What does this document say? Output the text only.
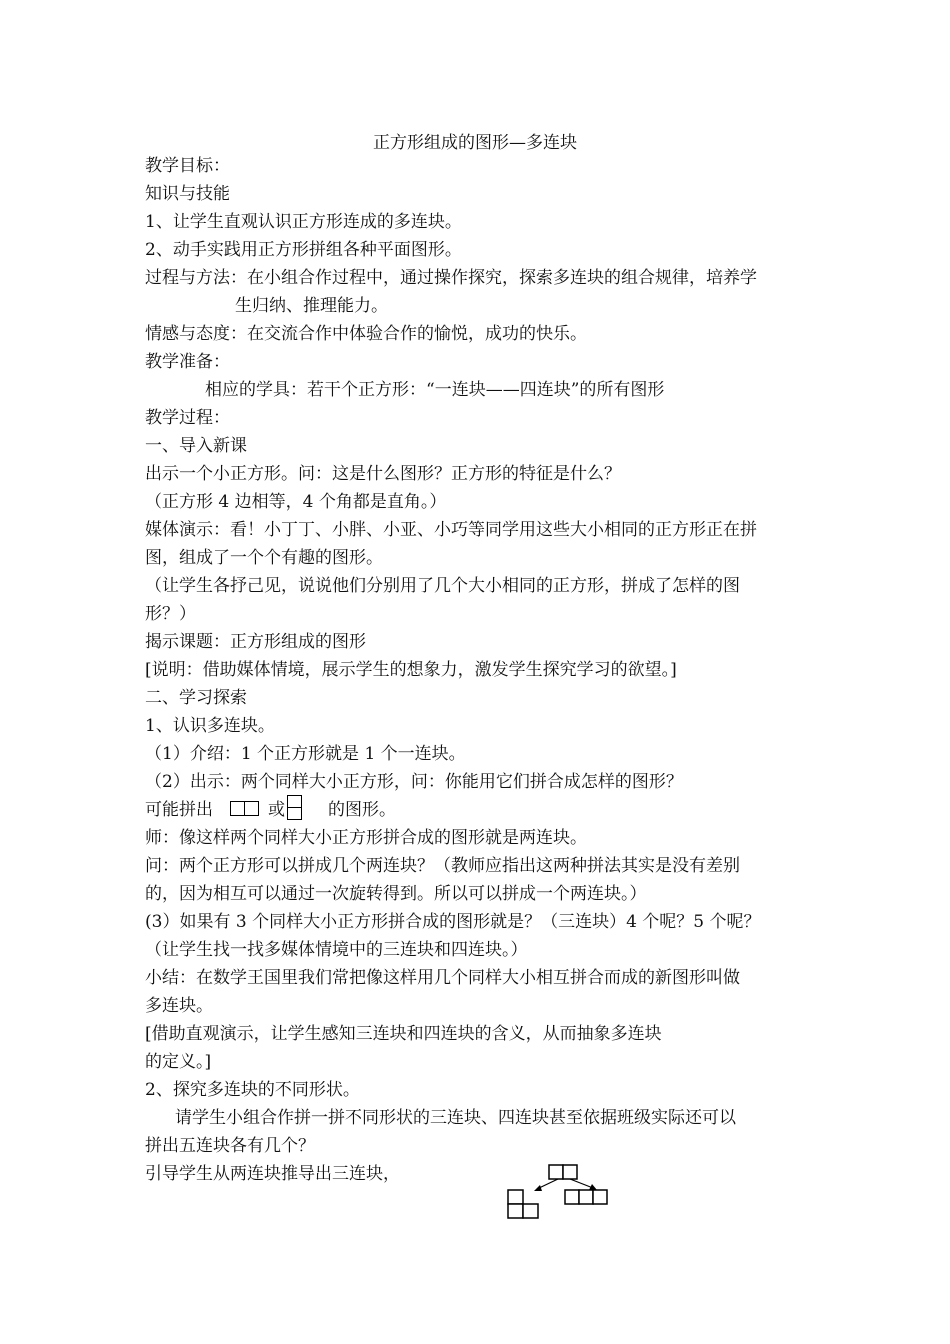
正方形组成的图形—多连块
教学目标：
知识与技能
1、让学生直观认识正方形连成的多连块。
2、动手实践用正方形拼组各种平面图形。
过程与方法：在小组合作过程中，通过操作探究，探索多连块的组合规律，培养学
生归纳、推理能力。
情感与态度：在交流合作中体验合作的愉悦，成功的快乐。
教学准备：
相应的学具：若干个正方形：“一连块——四连块”的所有图形
教学过程：
一、导入新课
出示一个小正方形。问：这是什么图形？正方形的特征是什么？
（正方形 4 边相等，4 个角都是直角。）
媒体演示：看！小丁丁、小胖、小亚、小巧等同学用这些大小相同的正方形正在拼
图，组成了一个个有趣的图形。
（让学生各抒己见，说说他们分别用了几个大小相同的正方形，拼成了怎样的图
形？）
揭示课题：正方形组成的图形
[说明：借助媒体情境，展示学生的想象力，激发学生探究学习的欲望。]
二、学习探索
1、认识多连块。
（1）介绍：1 个正方形就是 1 个一连块。
（2）出示：两个同样大小正方形，问：你能用它们拼合成怎样的图形？
可能拼出	或	的图形。
师：像这样两个同样大小正方形拼合成的图形就是两连块。
问：两个正方形可以拼成几个两连块？（教师应指出这两种拼法其实是没有差别
的，因为相互可以通过一次旋转得到。所以可以拼成一个两连块。）
(3）如果有 3 个同样大小正方形拼合成的图形就是？（三连块）4 个呢？5 个呢？
（让学生找一找多媒体情境中的三连块和四连块。）
小结：在数学王国里我们常把像这样用几个同样大小相互拼合而成的新图形叫做
多连块。
[借助直观演示，让学生感知三连块和四连块的含义，从而抽象多连块
的定义。]
2、探究多连块的不同形状。
请学生小组合作拼一拼不同形状的三连块、四连块甚至依据班级实际还可以
拼出五连块各有几个？
引导学生从两连块推导出三连块，
